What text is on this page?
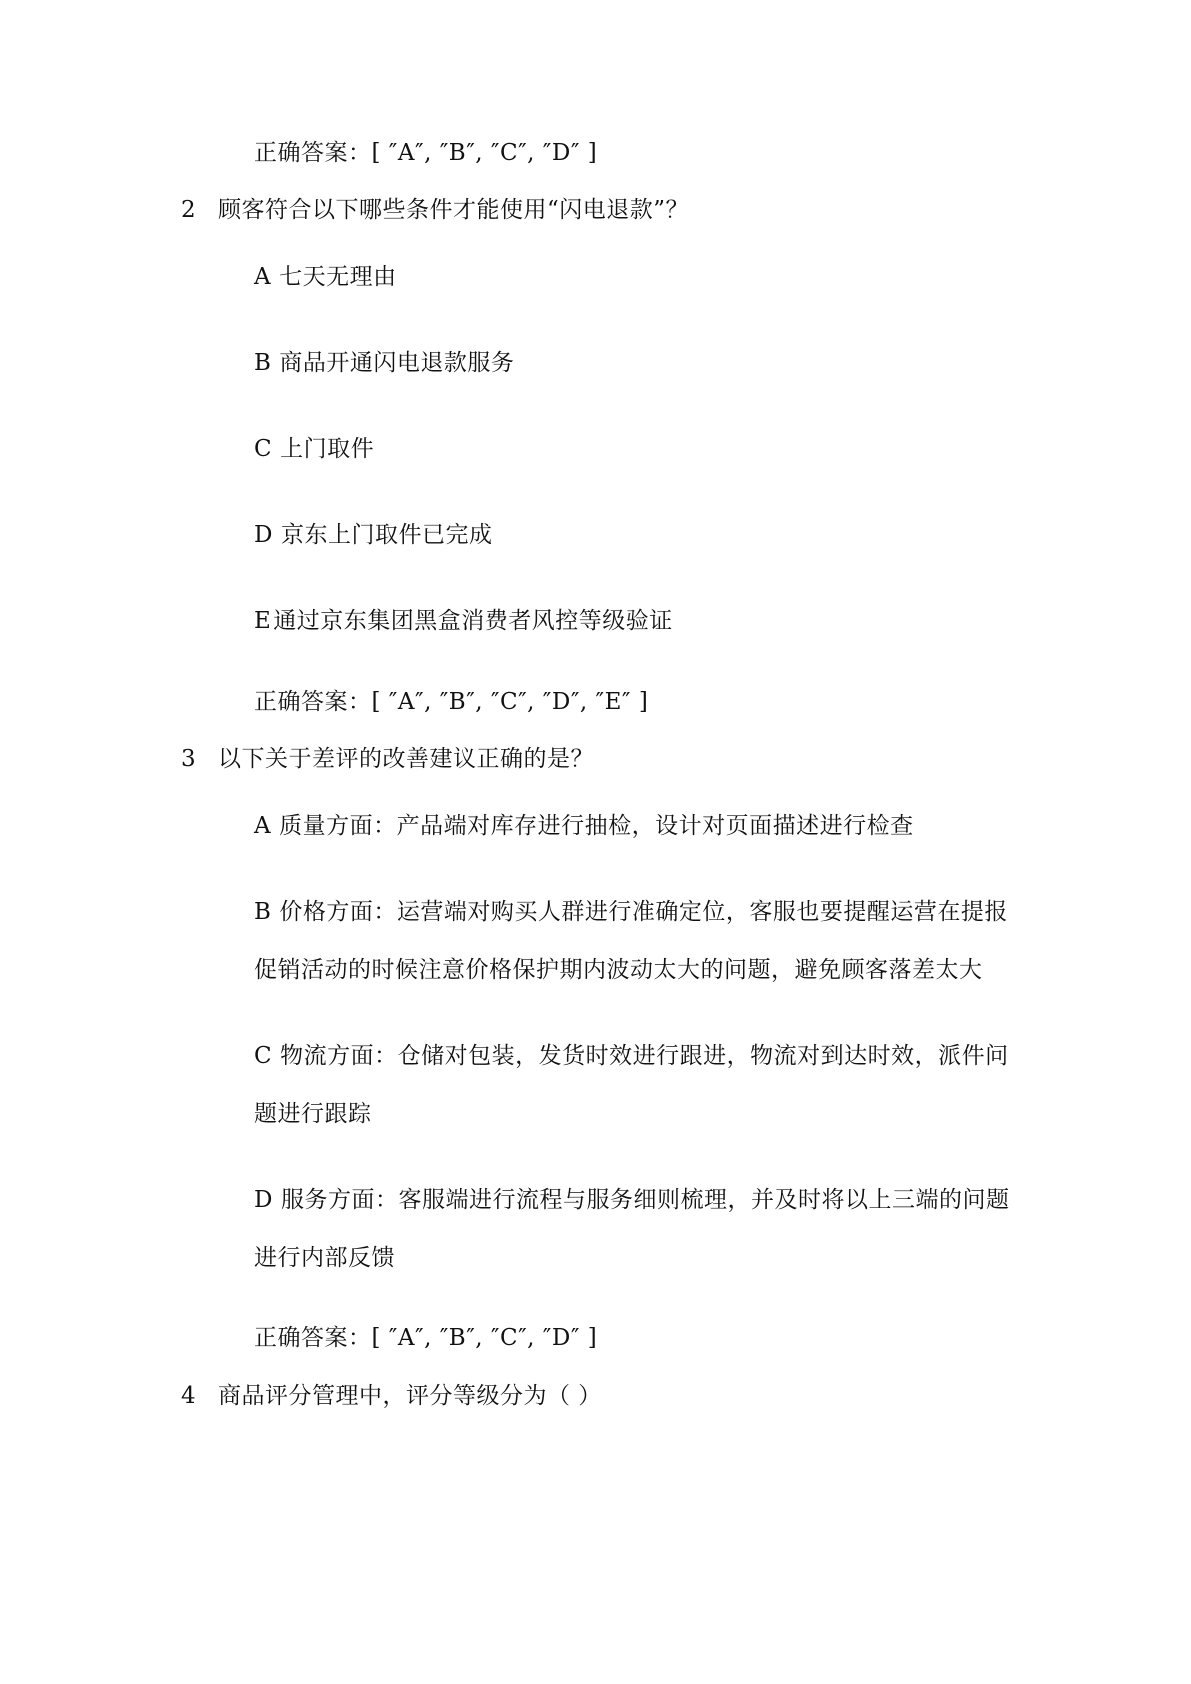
正确答案：[ ″A″, ″B″, ″C″, ″D″ ]
2 顾客符合以下哪些条件才能使用“闪电退款”？
A 七天无理由
B 商品开通闪电退款服务
C 上门取件
D 京东上门取件已完成
E通过京东集团黑盒消费者风控等级验证
正确答案：[ ″A″, ″B″, ″C″, ″D″, ″E″ ]
3 以下关于差评的改善建议正确的是？
A 质量方面：产品端对库存进行抽检，设计对页面描述进行检查
B 价格方面：运营端对购买人群进行准确定位，客服也要提醒运营在提报
促销活动的时候注意价格保护期内波动太大的问题，避免顾客落差太大
C 物流方面：仓储对包装，发货时效进行跟进，物流对到达时效，派件问
题进行跟踪
D 服务方面：客服端进行流程与服务细则梳理，并及时将以上三端的问题
进行内部反馈
正确答案：[ ″A″, ″B″, ″C″, ″D″ ]
4 商品评分管理中，评分等级分为（ ）
